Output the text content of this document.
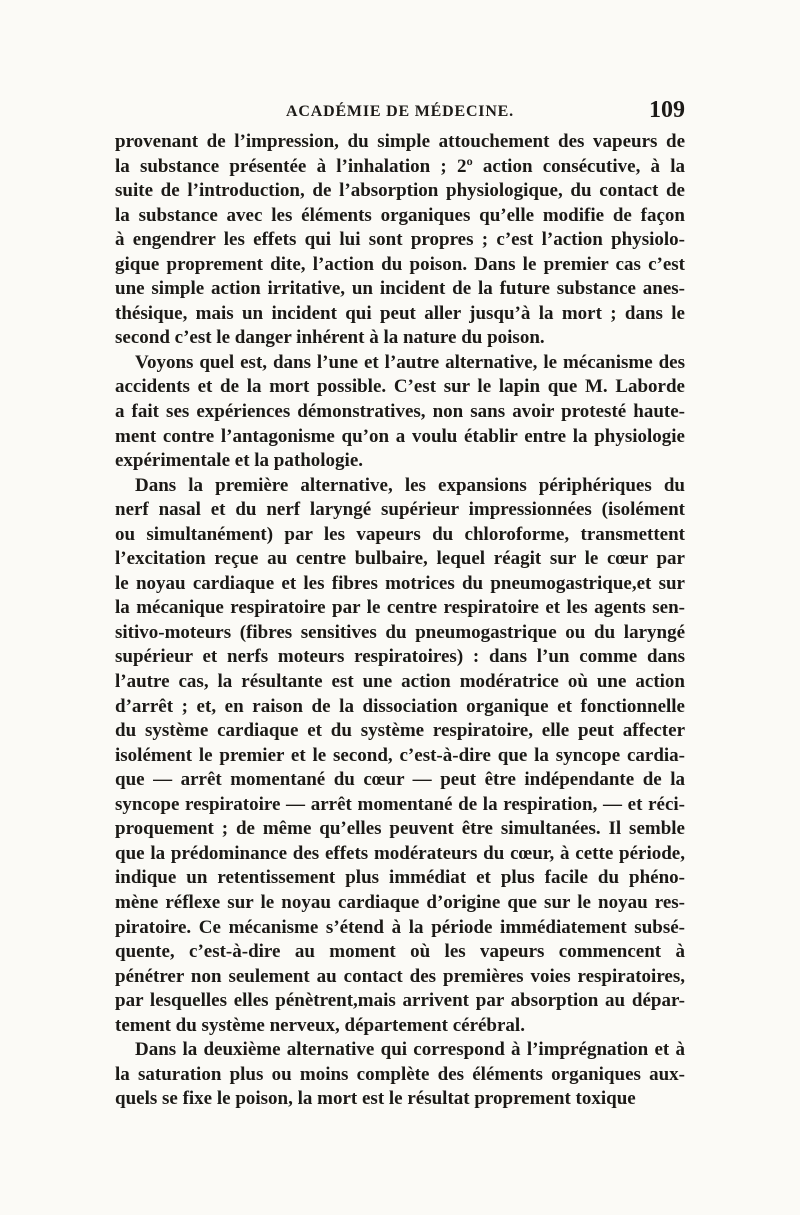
ACADÉMIE DE MÉDECINE.	109
provenant de l’impression, du simple attouchement des vapeurs de
la substance présentée à l’inhalation ; 2º action consécutive, à la
suite de l’introduction, de l’absorption physiologique, du contact de
la substance avec les éléments organiques qu’elle modifie de façon
à engendrer les effets qui lui sont propres ; c’est l’action physiolo-
gique proprement dite, l’action du poison. Dans le premier cas c’est
une simple action irritative, un incident de la future substance anes-
thésique, mais un incident qui peut aller jusqu’à la mort ; dans le
second c’est le danger inhérent à la nature du poison.
Voyons quel est, dans l’une et l’autre alternative, le mécanisme des
accidents et de la mort possible. C’est sur le lapin que M. Laborde
a fait ses expériences démonstratives, non sans avoir protesté haute-
ment contre l’antagonisme qu’on a voulu établir entre la physiologie
expérimentale et la pathologie.
Dans la première alternative, les expansions périphériques du
nerf nasal et du nerf laryngé supérieur impressionnées (isolément
ou simultanément) par les vapeurs du chloroforme, transmettent
l’excitation reçue au centre bulbaire, lequel réagit sur le cœur par
le noyau cardiaque et les fibres motrices du pneumogastrique,et sur
la mécanique respiratoire par le centre respiratoire et les agents sen-
sitivo-moteurs (fibres sensitives du pneumogastrique ou du laryngé
supérieur et nerfs moteurs respiratoires) : dans l’un comme dans
l’autre cas, la résultante est une action modératrice où une action
d’arrêt ; et, en raison de la dissociation organique et fonctionnelle
du système cardiaque et du système respiratoire, elle peut affecter
isolément le premier et le second, c’est-à-dire que la syncope cardia-
que — arrêt momentané du cœur — peut être indépendante de la
syncope respiratoire — arrêt momentané de la respiration, — et réci-
proquement ; de même qu’elles peuvent être simultanées. Il semble
que la prédominance des effets modérateurs du cœur, à cette période,
indique un retentissement plus immédiat et plus facile du phéno-
mène réflexe sur le noyau cardiaque d’origine que sur le noyau res-
piratoire. Ce mécanisme s’étend à la période immédiatement subsé-
quente, c’est-à-dire au moment où les vapeurs commencent à
pénétrer non seulement au contact des premières voies respiratoires,
par lesquelles elles pénètrent,mais arrivent par absorption au dépar-
tement du système nerveux, département cérébral.
Dans la deuxième alternative qui correspond à l’imprégnation et à
la saturation plus ou moins complète des éléments organiques aux-
quels se fixe le poison, la mort est le résultat proprement toxique
